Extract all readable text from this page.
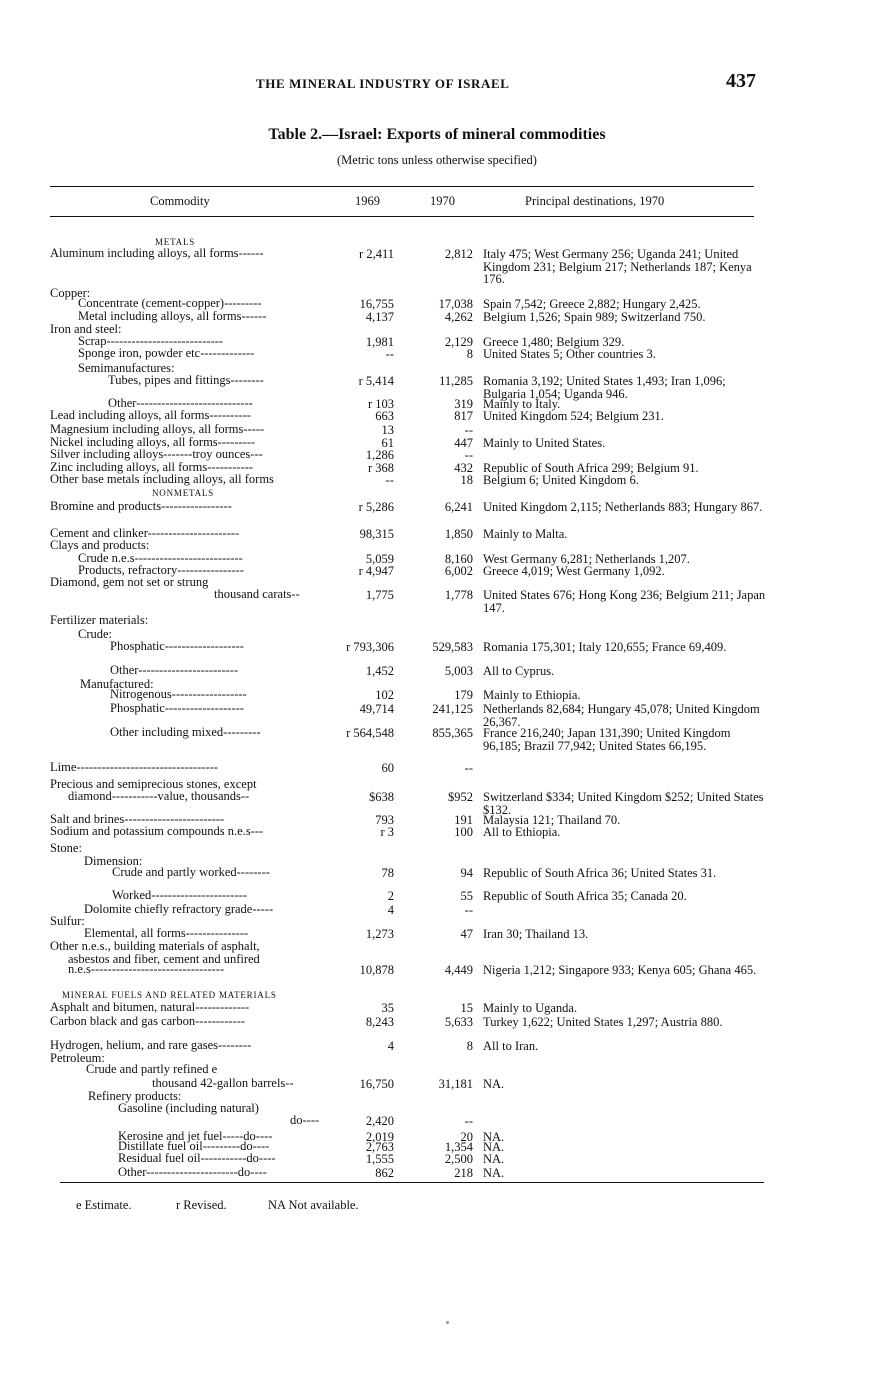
THE MINERAL INDUSTRY OF ISRAEL	437
Table 2.—Israel: Exports of mineral commodities
(Metric tons unless otherwise specified)
Commodity	1969	1970	Principal destinations, 1970
METALS
Aluminum including alloys, all forms------	r 2,411	2,812 Italy 475; West Germany 256; Uganda 241; United Kingdom 231; Belgium 217; Netherlands 187; Kenya 176.
Copper:
Concentrate (cement-copper)---------	16,755	17,038 Spain 7,542; Greece 2,882; Hungary 2,425.
Metal including alloys, all forms------	4,137	4,262 Belgium 1,526; Spain 989; Switzerland 750.
Iron and steel:
Scrap----------------------------	1,981	2,129 Greece 1,480; Belgium 329.
Sponge iron, powder etc-------------	--	8 United States 5; Other countries 3.
Semimanufactures:
Tubes, pipes and fittings--------	r 5,414	11,285 Romania 3,192; United States 1,493; Iran 1,096; Bulgaria 1,054; Uganda 946.
Other----------------------------	r 103	319 Mainly to Italy.
Lead including alloys, all forms----------	663	817 United Kingdom 524; Belgium 231.
Magnesium including alloys, all forms-----	13	--
Nickel including alloys, all forms---------	61	447 Mainly to United States.
Silver including alloys-------troy ounces---	1,286	--
Zinc including alloys, all forms-----------	r 368	432 Republic of South Africa 299; Belgium 91.
Other base metals including alloys, all forms	--	18 Belgium 6; United Kingdom 6.
NONMETALS
Bromine and products-----------------	r 5,286	6,241 United Kingdom 2,115; Netherlands 883; Hungary 867.
Cement and clinker----------------------	98,315	1,850 Mainly to Malta.
Clays and products:
Crude n.e.s--------------------------	5,059	8,160 West Germany 6,281; Netherlands 1,207.
Products, refractory----------------	r 4,947	6,002 Greece 4,019; West Germany 1,092.
Diamond, gem not set or strung
thousand carats--	1,775	1,778 United States 676; Hong Kong 236; Belgium 211; Japan 147.
Fertilizer materials:
Crude:
Phosphatic-------------------	r 793,306	529,583 Romania 175,301; Italy 120,655; France 69,409.
Other------------------------	1,452	5,003 All to Cyprus.
Manufactured:
Nitrogenous------------------	102	179 Mainly to Ethiopia.
Phosphatic-------------------	49,714	241,125 Netherlands 82,684; Hungary 45,078; United Kingdom 26,367.
Other including mixed---------	r 564,548	855,365 France 216,240; Japan 131,390; United Kingdom 96,185; Brazil 77,942; United States 66,195.
Lime----------------------------------	60	--
Precious and semiprecious stones, except
diamond-----------value, thousands--	$638	$952 Switzerland $334; United Kingdom $252; United States $132.
Salt and brines------------------------	793	191 Malaysia 121; Thailand 70.
Sodium and potassium compounds n.e.s---	r 3	100 All to Ethiopia.
Stone:
Dimension:
Crude and partly worked--------	78	94 Republic of South Africa 36; United States 31.
Worked-----------------------	2	55 Republic of South Africa 35; Canada 20.
Dolomite chiefly refractory grade-----	4	--
Sulfur:
Elemental, all forms---------------	1,273	47 Iran 30; Thailand 13.
Other n.e.s., building materials of asphalt,
asbestos and fiber, cement and unfired
n.e.s--------------------------------	10,878	4,449 Nigeria 1,212; Singapore 933; Kenya 605; Ghana 465.
MINERAL FUELS AND RELATED MATERIALS
Asphalt and bitumen, natural-------------	35	15 Mainly to Uganda.
Carbon black and gas carbon------------	8,243	5,633 Turkey 1,622; United States 1,297; Austria 880.
Hydrogen, helium, and rare gases--------	4	8 All to Iran.
Petroleum:
Crude and partly refined e
thousand 42-gallon barrels--	16,750	31,181 NA.
Refinery products:
Gasoline (including natural)
do----	2,420	--
Kerosine and jet fuel-----do----	2,019	20 NA.
Distillate fuel oil---------do----	2,763	1,354 NA.
Residual fuel oil-----------do----	1,555	2,500 NA.
Other----------------------do----	862	218 NA.
e Estimate.	r Revised.	NA Not available.
